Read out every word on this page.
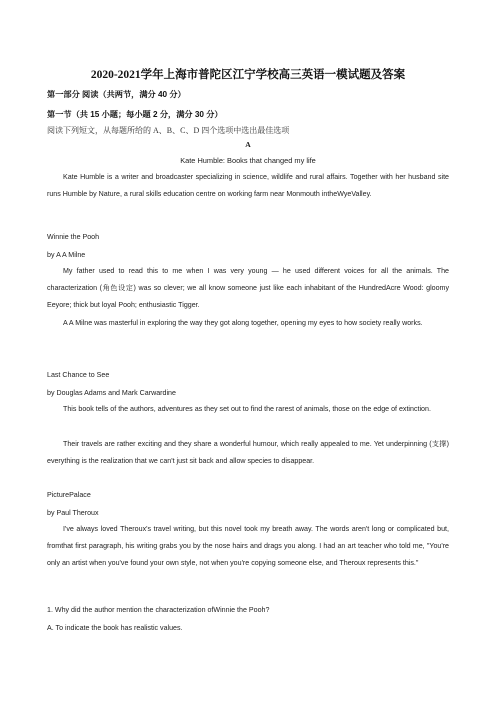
2020-2021学年上海市普陀区江宁学校高三英语一模试题及答案
第一部分 阅读（共两节，满分 40 分）
第一节（共 15 小题；每小题 2 分，满分 30 分）
阅读下列短文，从每题所给的 A、B、C、D 四个选项中选出最佳选项
A
Kate Humble: Books that changed my life

Kate Humble is a writer and broadcaster specializing in science, wildlife and rural affairs. Together with her husband site runs Humble by Nature, a rural skills education centre on working farm near Monmouth intheWyeValley.

Winnie the Pooh
by A A Milne

My father used to read this to me when I was very young — he used different voices for all the animals. The characterization (角色设定) was so clever; we all know someone just like each inhabitant of the HundredAcre Wood: gloomy Eeyore; thick but loyal Pooh; enthusiastic Tigger.

A A Milne was masterful in exploring the way they got along together, opening my eyes to how society really works.

Last Chance to See
by Douglas Adams and Mark Carwardine

This book tells of the authors, adventures as they set out to find the rarest of animals, those on the edge of extinction.

Their travels are rather exciting and they share a wonderful humour, which really appealed to me. Yet underpinning (支撑) everything is the realization that we can't just sit back and allow species to disappear.

PicturePalace
by Paul Theroux

I've always loved Theroux's travel writing, but this novel took my breath away. The words aren't long or complicated but, fromthat first paragraph, his writing grabs you by the nose hairs and drags you along. I had an art teacher who told me, "You're only an artist when you've found your own style, not when you're copying someone else, and Theroux represents this."

1. Why did the author mention the characterization ofWinnie the Pooh?
A. To indicate the book has realistic values.
